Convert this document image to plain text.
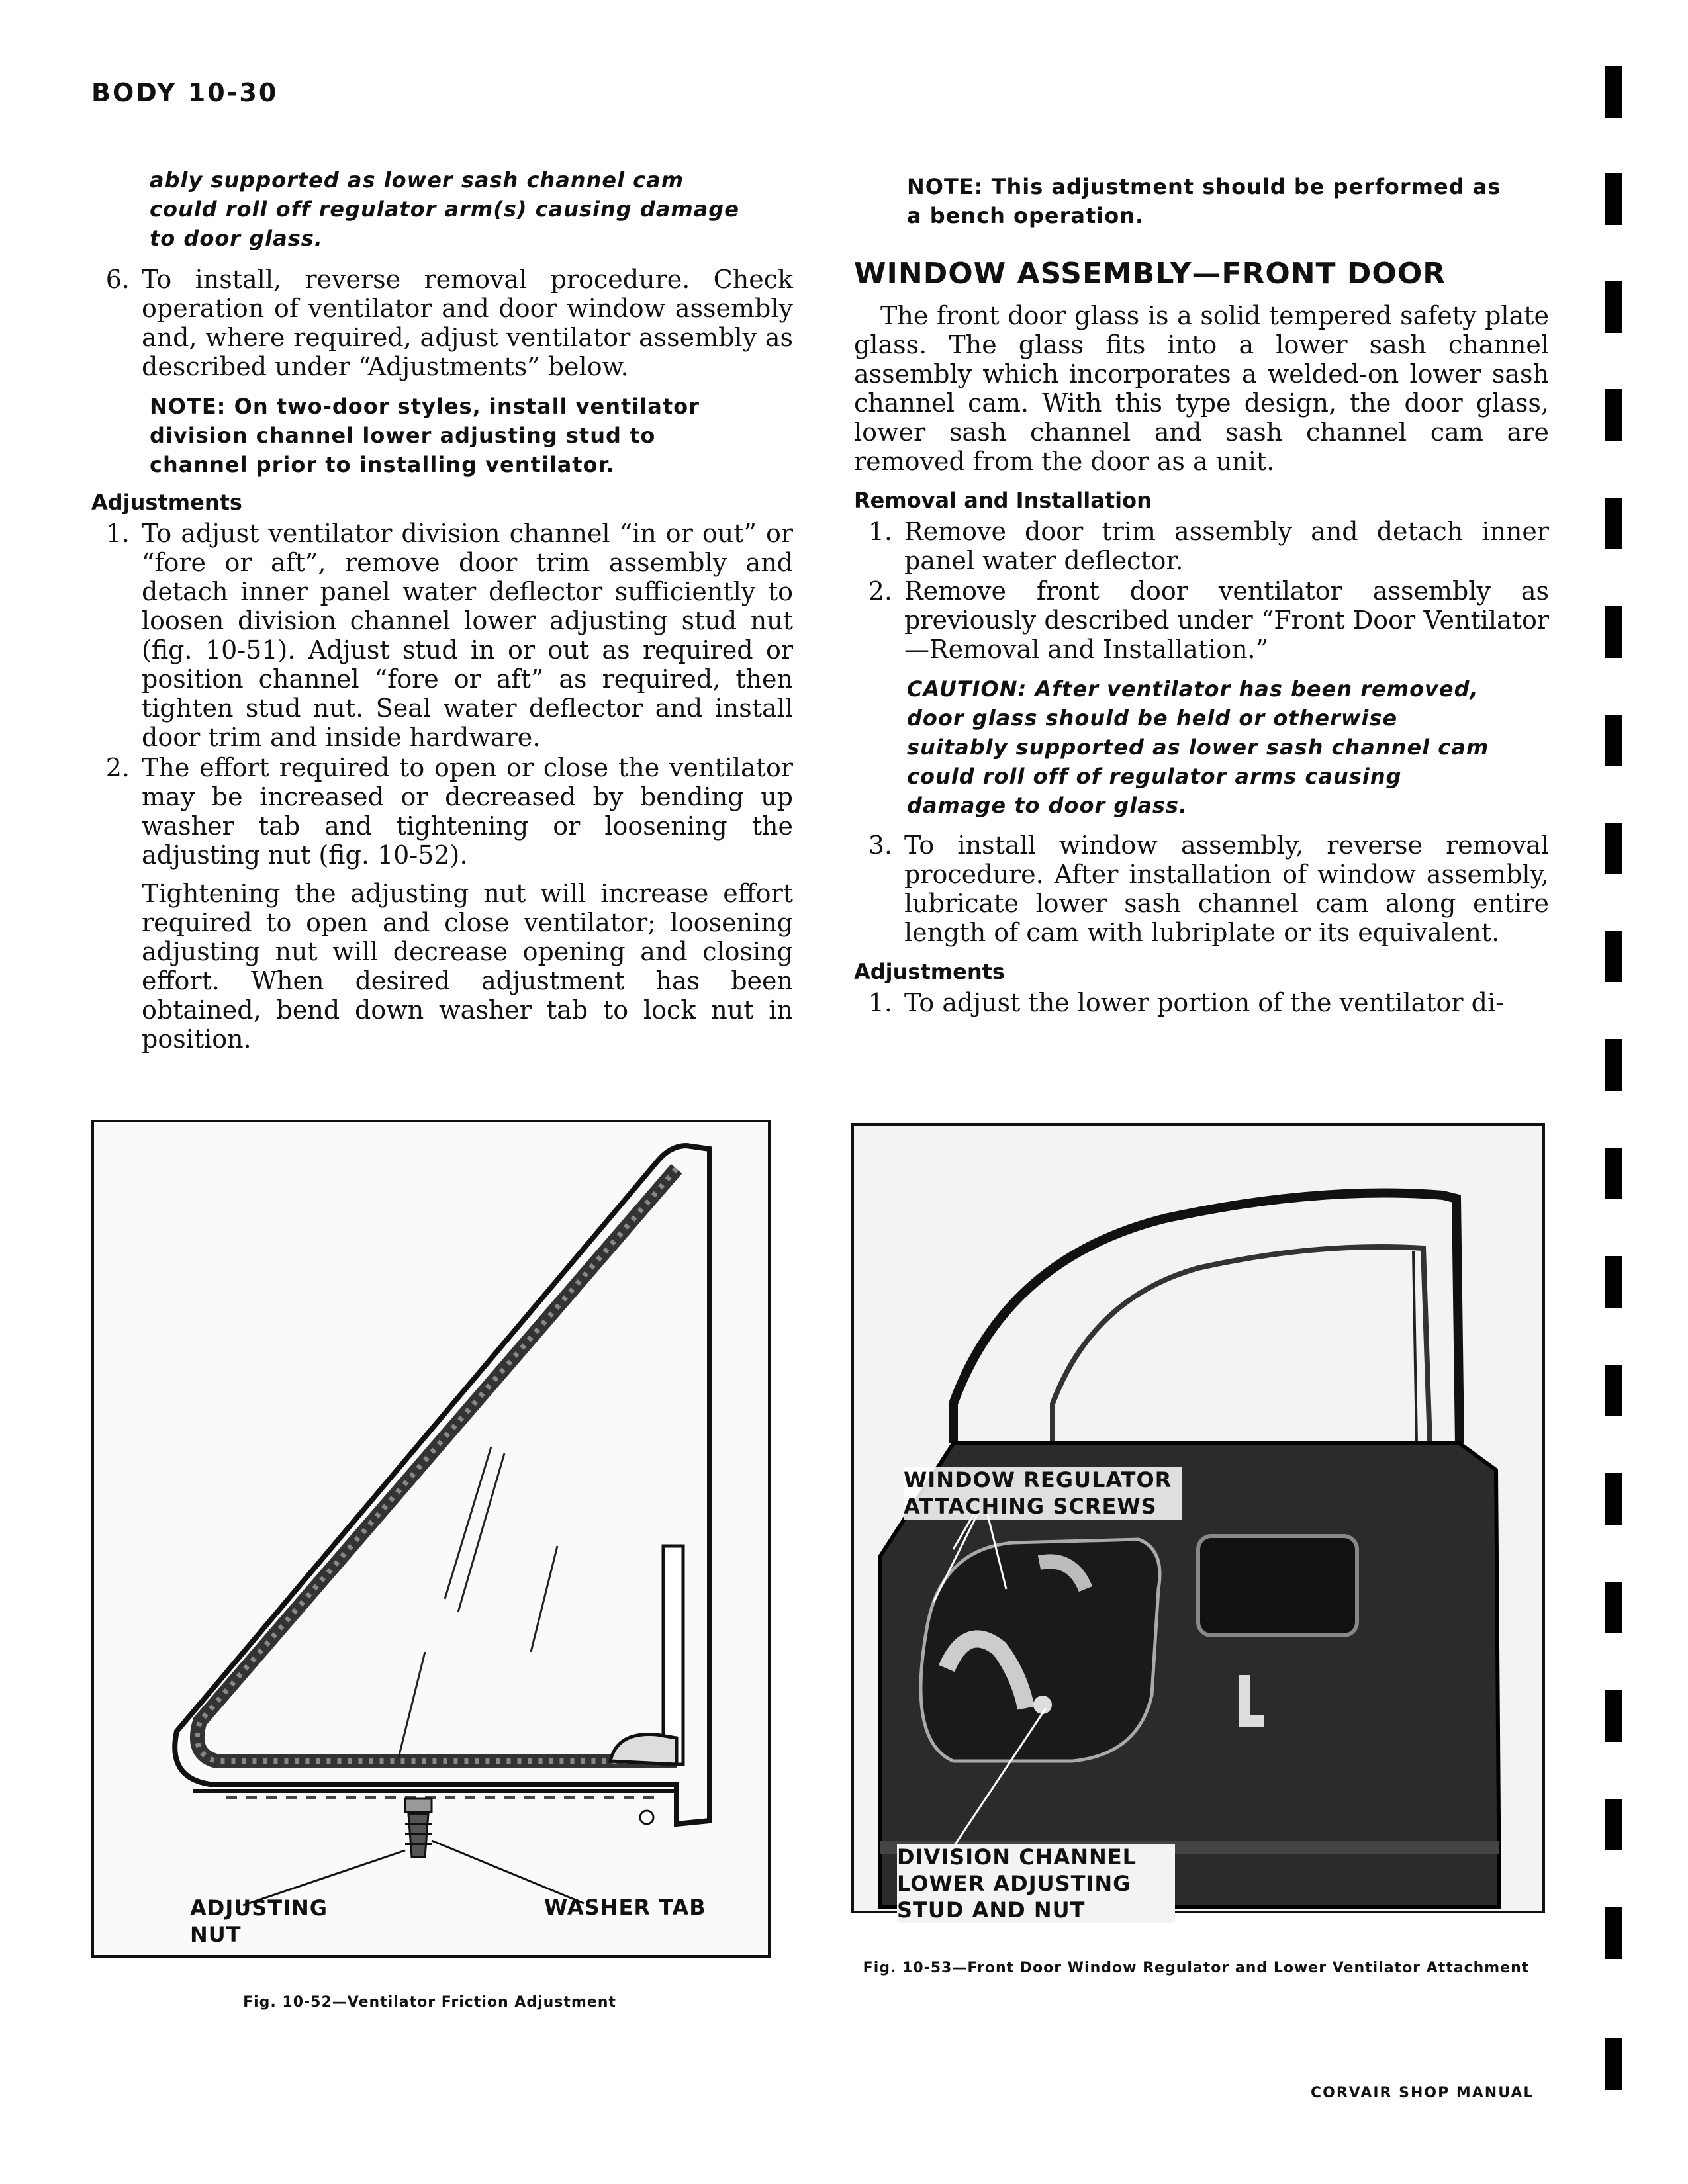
BODY 10-30

ably supported as lower sash channel cam could roll off regulator arm(s) causing damage to door glass.

6. To install, reverse removal procedure. Check operation of ventilator and door window assembly and, where required, adjust ventilator assembly as described under “Adjustments” below.

NOTE: On two-door styles, install ventilator division channel lower adjusting stud to channel prior to installing ventilator.

Adjustments

1. To adjust ventilator division channel “in or out” or “fore or aft”, remove door trim assembly and detach inner panel water deflector sufficiently to loosen division channel lower adjusting stud nut (fig. 10-51). Adjust stud in or out as required or position channel “fore or aft” as required, then tighten stud nut. Seal water deflector and install door trim and inside hardware.
2. The effort required to open or close the ventilator may be increased or decreased by bending up washer tab and tightening or loosening the adjusting nut (fig. 10-52).

Tightening the adjusting nut will increase effort required to open and close ventilator; loosening adjusting nut will decrease opening and closing effort. When desired adjustment has been obtained, bend down washer tab to lock nut in position.

NOTE: This adjustment should be performed as a bench operation.

WINDOW ASSEMBLY—FRONT DOOR

The front door glass is a solid tempered safety plate glass. The glass fits into a lower sash channel assembly which incorporates a welded-on lower sash channel cam. With this type design, the door glass, lower sash channel and sash channel cam are removed from the door as a unit.

Removal and Installation

1. Remove door trim assembly and detach inner panel water deflector.
2. Remove front door ventilator assembly as previously described under “Front Door Ventilator—Removal and Installation.”

CAUTION: After ventilator has been removed, door glass should be held or otherwise suitably supported as lower sash channel cam could roll off of regulator arms causing damage to door glass.

3. To install window assembly, reverse removal procedure. After installation of window assembly, lubricate lower sash channel cam along entire length of cam with lubriplate or its equivalent.

Adjustments

1. To adjust the lower portion of the ventilator di-
ADJUSTING NUT
WASHER TAB
Fig. 10-52—Ventilator Friction Adjustment
WINDOW REGULATOR ATTACHING SCREWS
DIVISION CHANNEL LOWER ADJUSTING STUD AND NUT
Fig. 10-53—Front Door Window Regulator and Lower Ventilator Attachment
CORVAIR SHOP MANUAL
